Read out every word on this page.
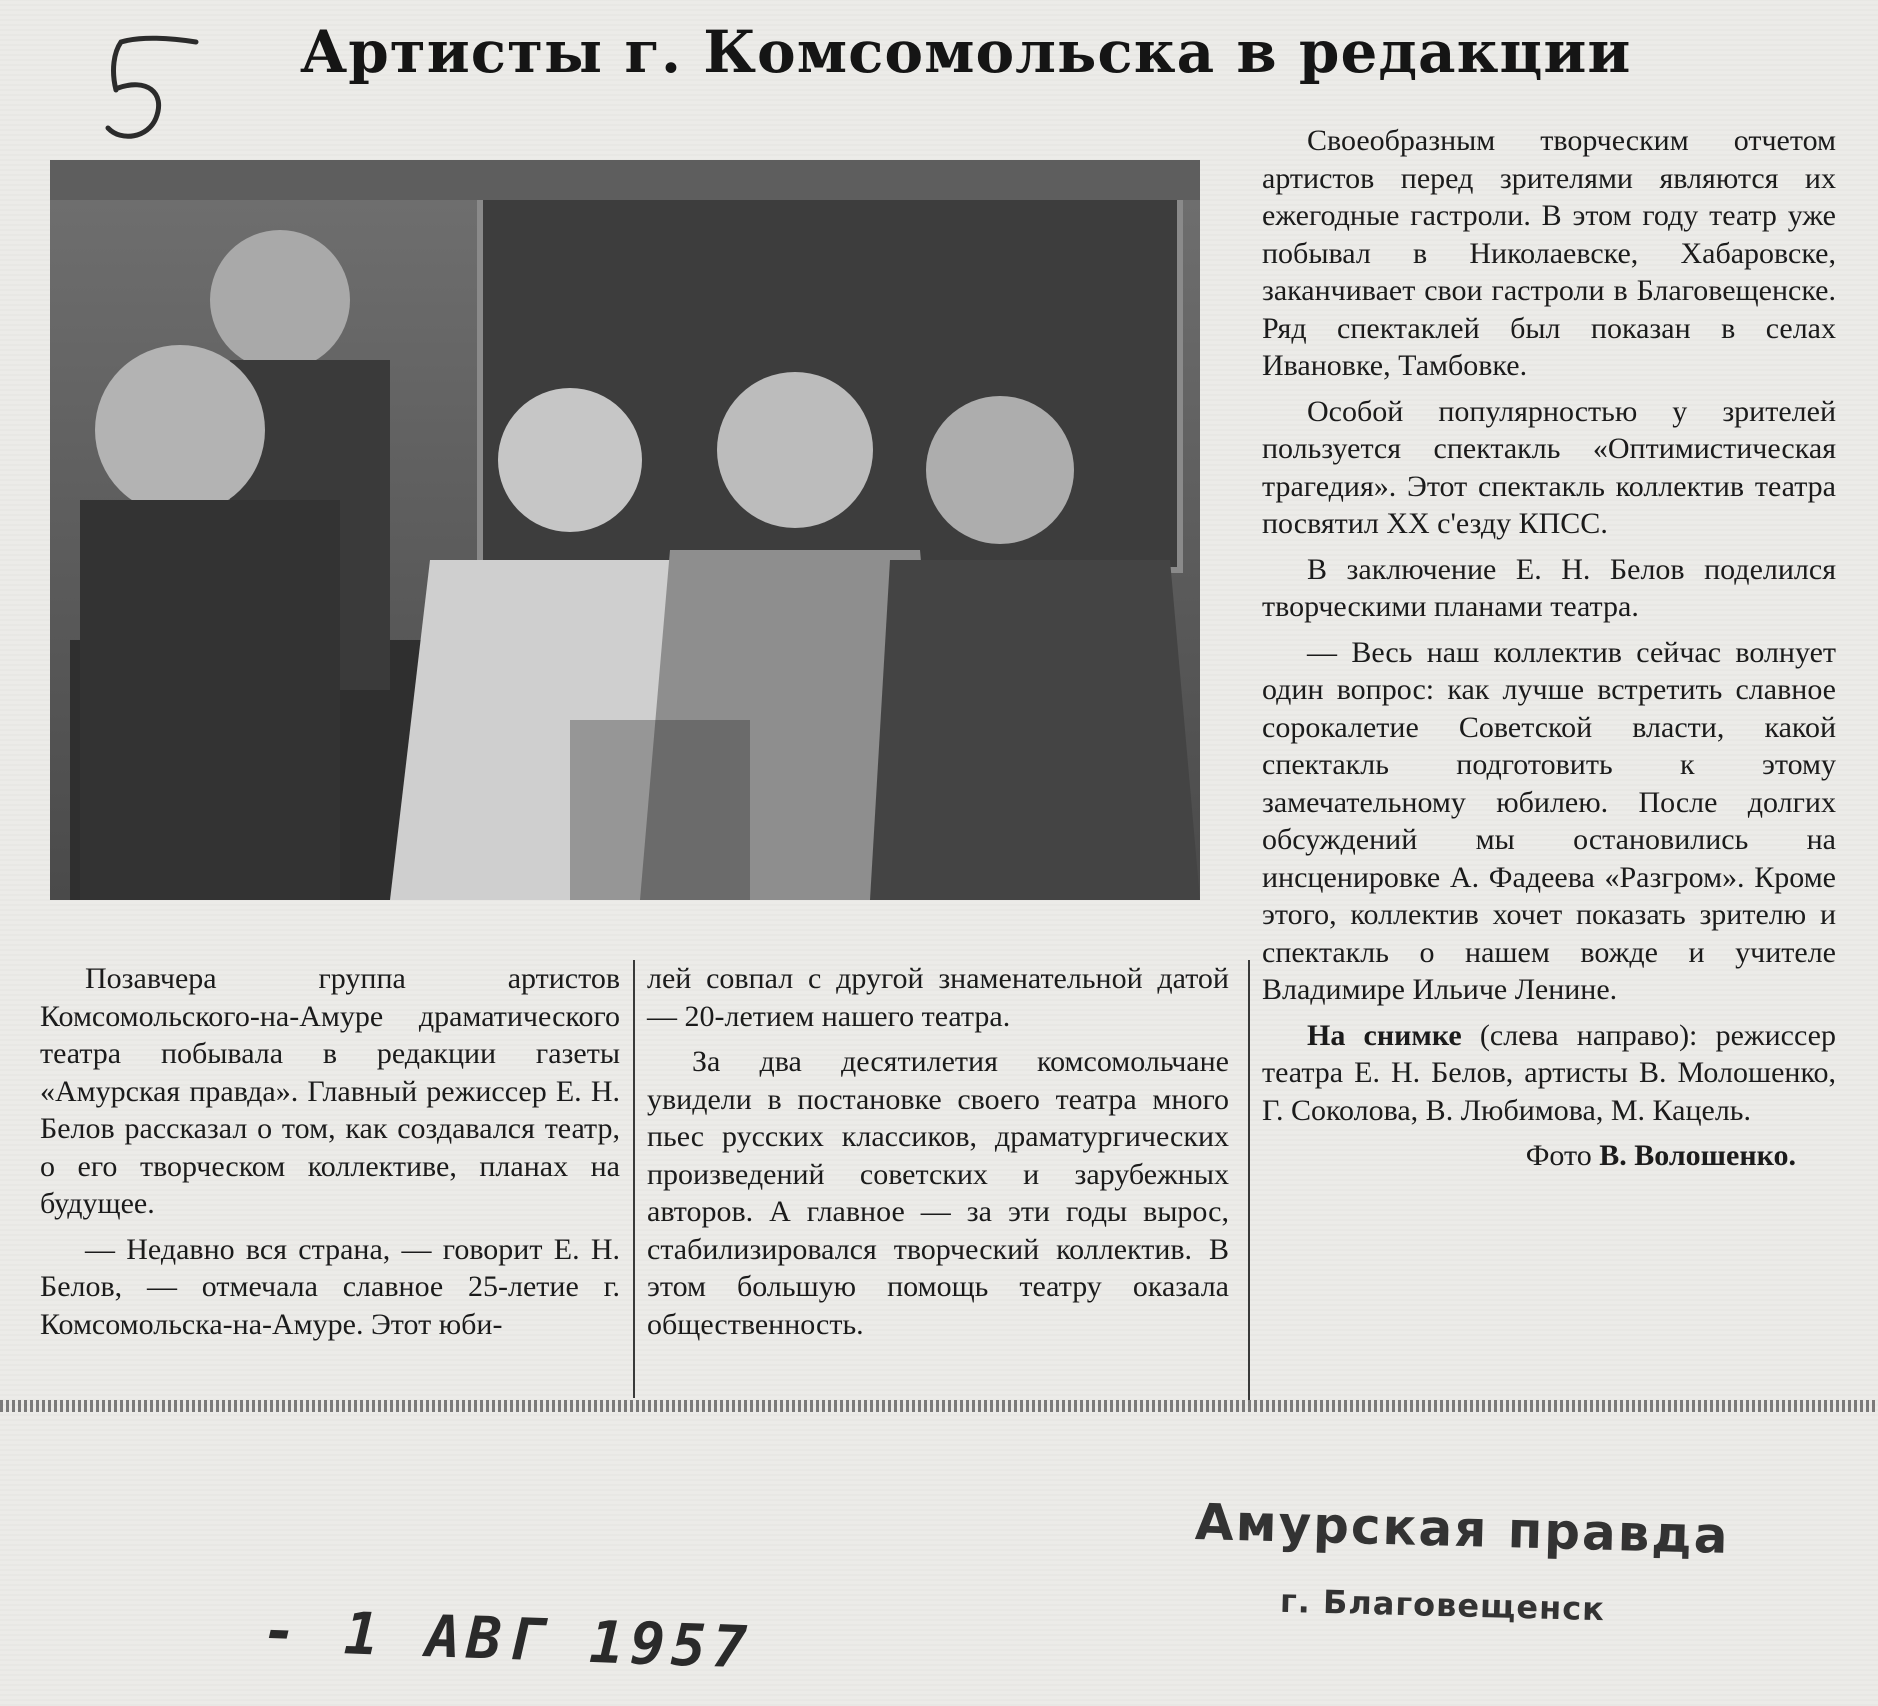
Артисты г. Комсомольска в редакции

Позавчера группа артистов Комсомольского-на-Амуре драматического театра побывала в редакции газеты «Амурская правда». Главный режиссер Е. Н. Белов рассказал о том, как создавался театр, о его творческом коллективе, планах на будущее.

— Недавно вся страна, — говорит Е. Н. Белов, — отмечала славное 25-летие г. Комсомольска-на-Амуре. Этот юби-

лей совпал с другой знаменательной датой — 20-летием нашего театра.

За два десятилетия комсомольчане увидели в постановке своего театра много пьес русских классиков, драматургических произведений советских и зарубежных авторов. А главное — за эти годы вырос, стабилизировался творческий коллектив. В этом большую помощь театру оказала общественность.

Своеобразным творческим отчетом артистов перед зрителями являются их ежегодные гастроли. В этом году театр уже побывал в Николаевске, Хабаровске, заканчивает свои гастроли в Благовещенске. Ряд спектаклей был показан в селах Ивановке, Тамбовке.

Особой популярностью у зрителей пользуется спектакль «Оптимистическая трагедия». Этот спектакль коллектив театра посвятил XX с'езду КПСС.

В заключение Е. Н. Белов поделился творческими планами театра.

— Весь наш коллектив сейчас волнует один вопрос: как лучше встретить славное сорокалетие Советской власти, какой спектакль подготовить к этому замечательному юбилею. После долгих обсуждений мы остановились на инсценировке А. Фадеева «Разгром». Кроме этого, коллектив хочет показать зрителю и спектакль о нашем вожде и учителе Владимире Ильиче Ленине.

На снимке (слева направо): режиссер театра Е. Н. Белов, артисты В. Молошенко, Г. Соколова, В. Любимова, М. Кацель.

Фото В. Волошенко.

Амурская правда
г. Благовещенск
- 1 АВГ 1957
